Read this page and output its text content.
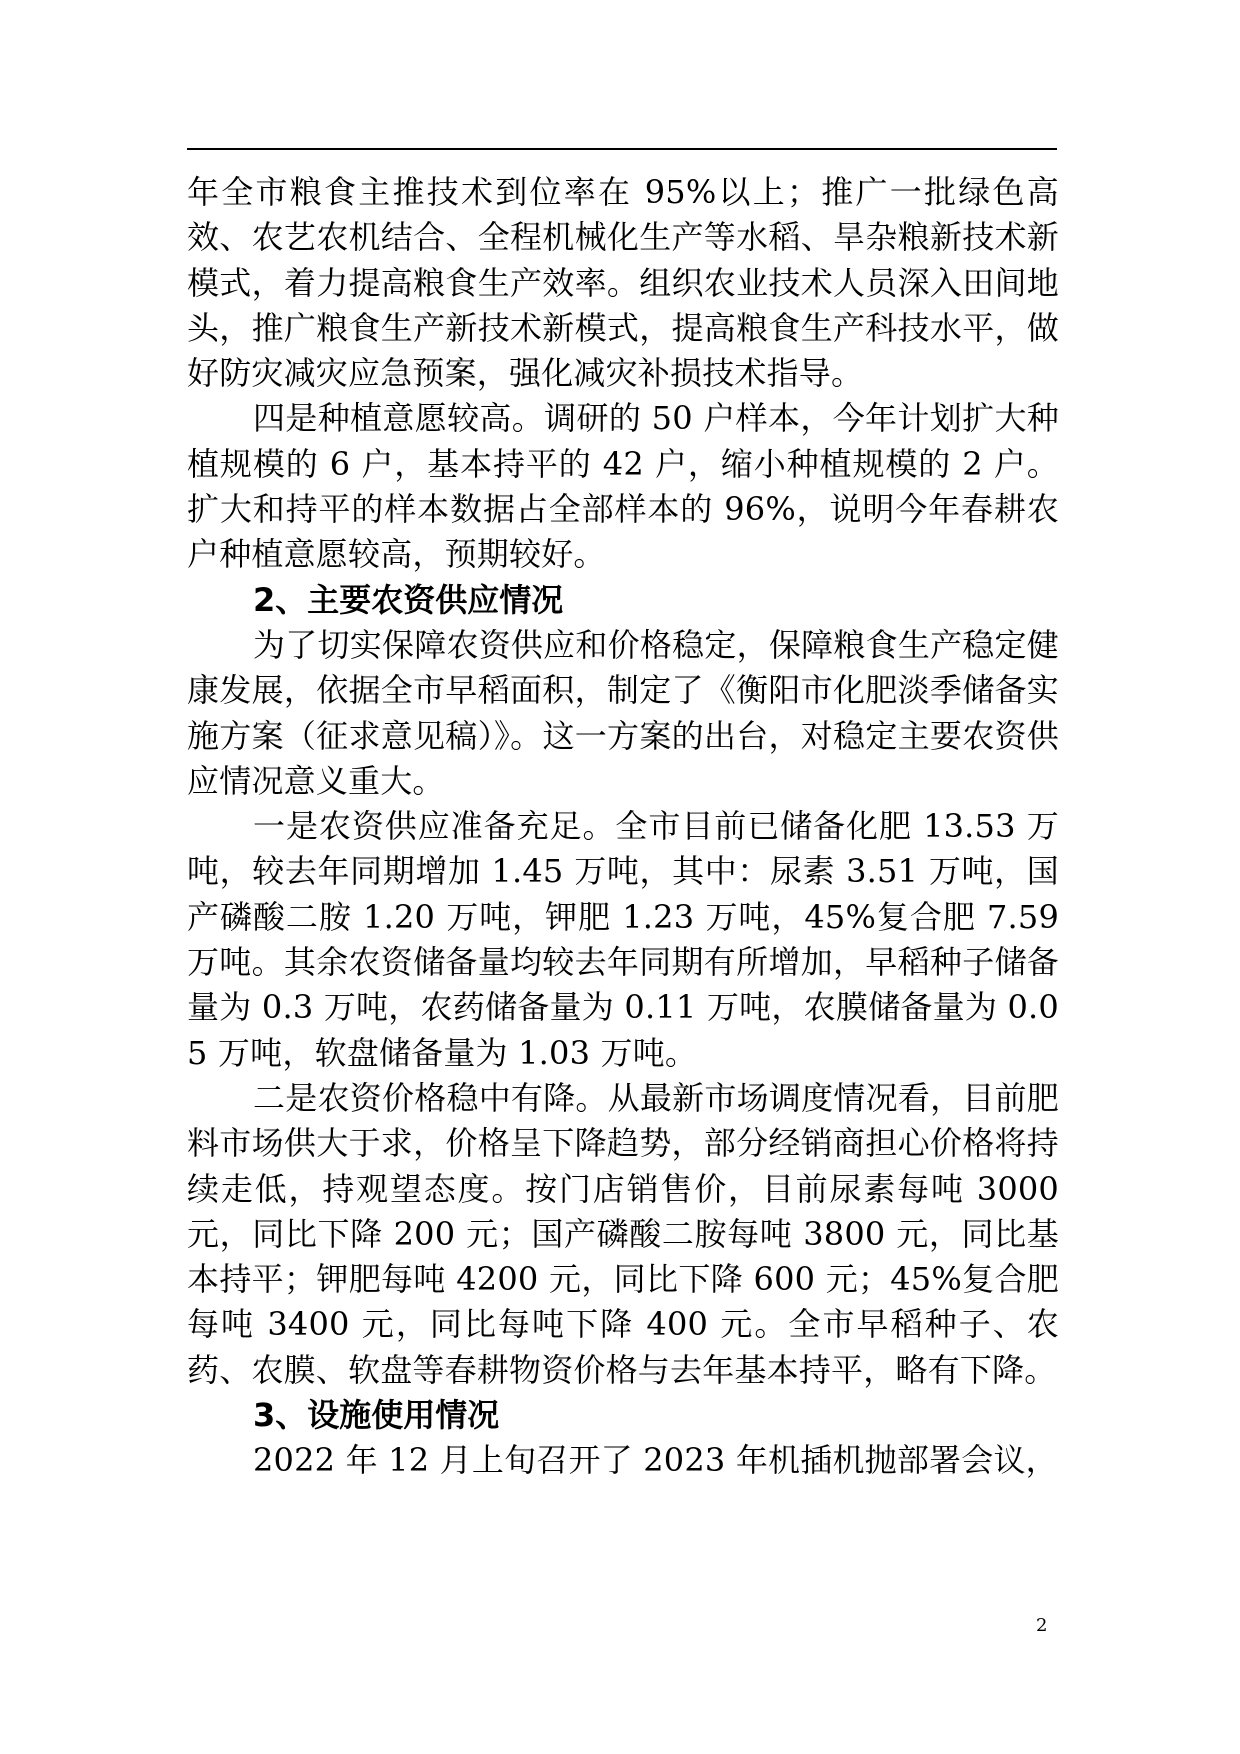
年全市粮食主推技术到位率在 95%以上；推广一批绿色高效、农艺农机结合、全程机械化生产等水稻、旱杂粮新技术新模式，着力提高粮食生产效率。组织农业技术人员深入田间地头，推广粮食生产新技术新模式，提高粮食生产科技水平，做好防灾减灾应急预案，强化减灾补损技术指导。

四是种植意愿较高。调研的 50 户样本，今年计划扩大种植规模的 6 户，基本持平的 42 户，缩小种植规模的 2 户。扩大和持平的样本数据占全部样本的 96%，说明今年春耕农户种植意愿较高，预期较好。

2、主要农资供应情况

为了切实保障农资供应和价格稳定，保障粮食生产稳定健康发展，依据全市早稻面积，制定了《衡阳市化肥淡季储备实施方案（征求意见稿）》。这一方案的出台，对稳定主要农资供应情况意义重大。

一是农资供应准备充足。全市目前已储备化肥 13.53 万吨，较去年同期增加 1.45 万吨，其中：尿素 3.51 万吨，国产磷酸二胺 1.20 万吨，钾肥 1.23 万吨，45%复合肥 7.59 万吨。其余农资储备量均较去年同期有所增加，早稻种子储备量为 0.3 万吨，农药储备量为 0.11 万吨，农膜储备量为 0.05 万吨，软盘储备量为 1.03 万吨。

二是农资价格稳中有降。从最新市场调度情况看，目前肥料市场供大于求，价格呈下降趋势，部分经销商担心价格将持续走低，持观望态度。按门店销售价，目前尿素每吨 3000 元，同比下降 200 元；国产磷酸二胺每吨 3800 元，同比基本持平；钾肥每吨 4200 元，同比下降 600 元；45%复合肥每吨 3400 元，同比每吨下降 400 元。全市早稻种子、农药、农膜、软盘等春耕物资价格与去年基本持平，略有下降。

3、设施使用情况

2022 年 12 月上旬召开了 2023 年机插机抛部署会议，

2
